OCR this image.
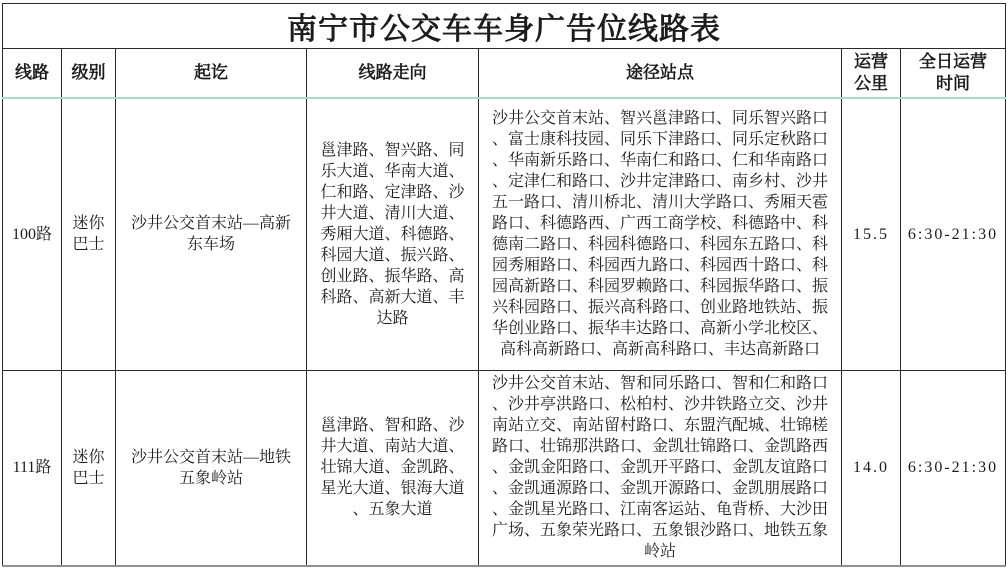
南宁市公交车车身广告位线路表						
线路	级别	起讫	线路走向	途径站点	运营公里	全日运营时间
100路	迷你巴士	沙井公交首末站—高新东车场	邕津路、智兴路、同乐大道、华南大道、仁和路、定津路、沙井大道、清川大道、秀厢大道、科德路、科园大道、振兴路、创业路、振华路、高科路、高新大道、丰达路	沙井公交首末站、智兴邕津路口、同乐智兴路口、富士康科技园、同乐下津路口、同乐定秋路口、华南新乐路口、华南仁和路口、仁和华南路口、定津仁和路口、沙井定津路口、南乡村、沙井五一路口、清川桥北、清川大学路口、秀厢天雹路口、科德路西、广西工商学校、科德路中、科德南二路口、科园科德路口、科园东五路口、科园秀厢路口、科园西九路口、科园西十路口、科园高新路口、科园罗赖路口、科园振华路口、振兴科园路口、振兴高科路口、创业路地铁站、振华创业路口、振华丰达路口、高新小学北校区、高科高新路口、高新高科路口、丰达高新路口	15.5	6:30-21:30
111路	迷你巴士	沙井公交首末站—地铁五象岭站	邕津路、智和路、沙井大道、南站大道、壮锦大道、金凯路、星光大道、银海大道、五象大道	沙井公交首末站、智和同乐路口、智和仁和路口、沙井亭洪路口、松柏村、沙井铁路立交、沙井南站立交、南站留村路口、东盟汽配城、壮锦槎路口、壮锦那洪路口、金凯壮锦路口、金凯路西、金凯金阳路口、金凯开平路口、金凯友谊路口、金凯通源路口、金凯开源路口、金凯朋展路口、金凯星光路口、江南客运站、龟背桥、大沙田广场、五象荣光路口、五象银沙路口、地铁五象岭站	14.0	6:30-21:30
